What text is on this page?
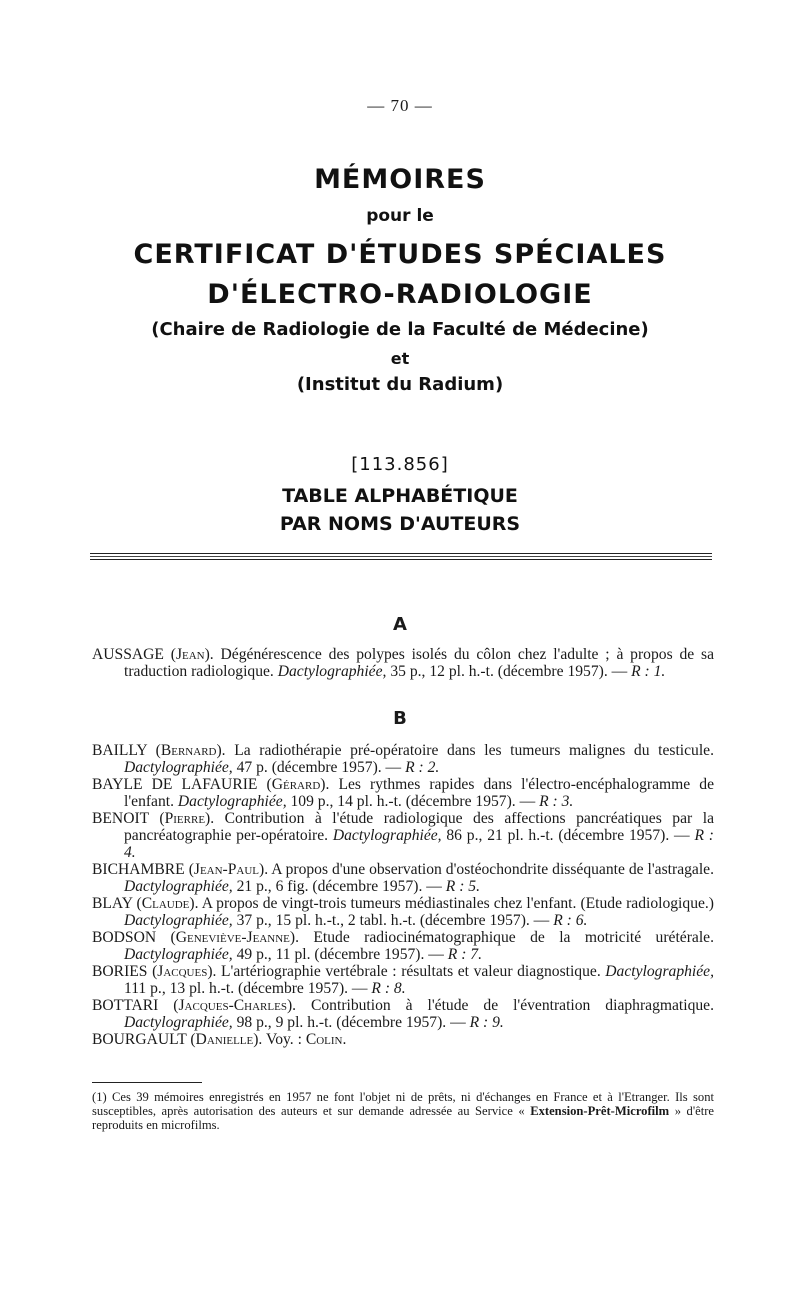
— 70 —
MÉMOIRES
pour le
CERTIFICAT D'ÉTUDES SPÉCIALES
D'ÉLECTRO-RADIOLOGIE
(Chaire de Radiologie de la Faculté de Médecine)
et
(Institut du Radium)
[113.856]
TABLE ALPHABÉTIQUE
PAR NOMS D'AUTEURS
A

AUSSAGE (Jean). Dégénérescence des polypes isolés du côlon chez l'adulte ; à propos de sa traduction radiologique. Dactylographiée, 35 p., 12 pl. h.-t. (décembre 1957). — R : 1.

B

BAILLY (Bernard). La radiothérapie pré-opératoire dans les tumeurs malignes du testicule. Dactylographiée, 47 p. (décembre 1957). — R : 2.

BAYLE DE LAFAURIE (Gérard). Les rythmes rapides dans l'électro-encéphalogramme de l'enfant. Dactylographiée, 109 p., 14 pl. h.-t. (décembre 1957). — R : 3.

BENOIT (Pierre). Contribution à l'étude radiologique des affections pancréatiques par la pancréatographie per-opératoire. Dactylographiée, 86 p., 21 pl. h.-t. (décembre 1957). — R : 4.

BICHAMBRE (Jean-Paul). A propos d'une observation d'ostéochondrite disséquante de l'astragale. Dactylographiée, 21 p., 6 fig. (décembre 1957). — R : 5.

BLAY (Claude). A propos de vingt-trois tumeurs médiastinales chez l'enfant. (Etude radiologique.) Dactylographiée, 37 p., 15 pl. h.-t., 2 tabl. h.-t. (décembre 1957). — R : 6.

BODSON (Geneviève-Jeanne). Etude radiocinématographique de la motricité urétérale. Dactylographiée, 49 p., 11 pl. (décembre 1957). — R : 7.

BORIES (Jacques). L'artériographie vertébrale : résultats et valeur diagnostique. Dactylographiée, 111 p., 13 pl. h.-t. (décembre 1957). — R : 8.

BOTTARI (Jacques-Charles). Contribution à l'étude de l'éventration diaphragmatique. Dactylographiée, 98 p., 9 pl. h.-t. (décembre 1957). — R : 9.

BOURGAULT (Danielle). Voy. : Colin.

(1) Ces 39 mémoires enregistrés en 1957 ne font l'objet ni de prêts, ni d'échanges en France et à l'Etranger. Ils sont susceptibles, après autorisation des auteurs et sur demande adressée au Service « Extension-Prêt-Microfilm » d'être reproduits en microfilms.
